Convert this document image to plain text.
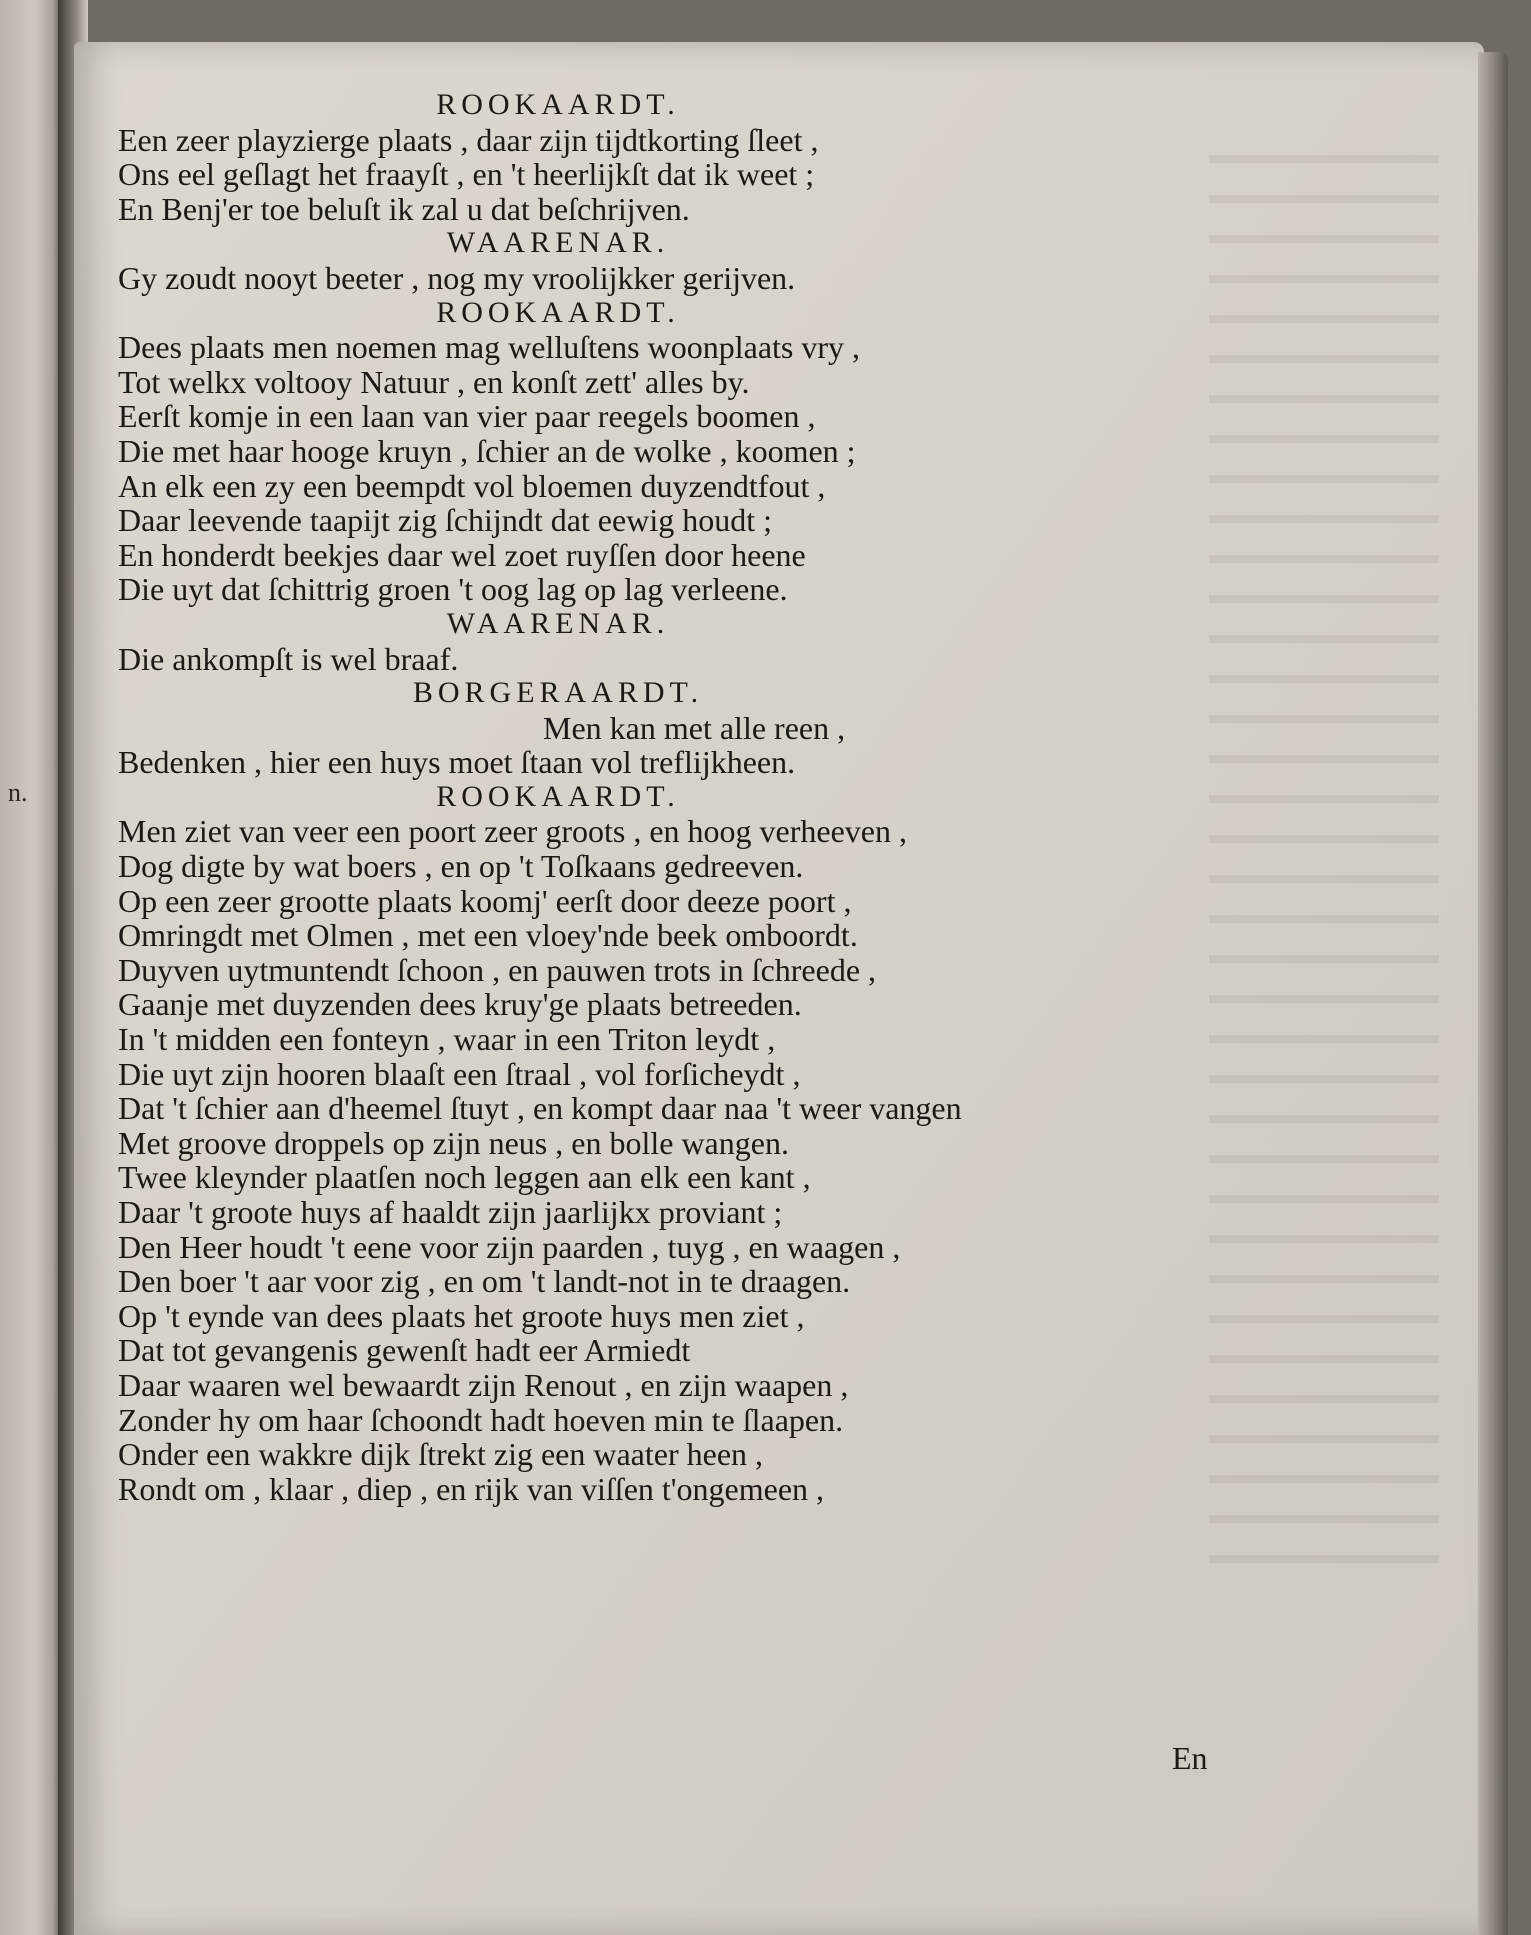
n.
ROOKAARDT.
Een zeer playzierge plaats , daar zijn tijdtkorting ſleet ,
Ons eel geſlagt het fraayſt , en 't heerlijkſt dat ik weet ;
En Benj'er toe beluſt ik zal u dat beſchrijven.
WAARENAR.
Gy zoudt nooyt beeter , nog my vroolijkker gerijven.
ROOKAARDT.
Dees plaats men noemen mag welluſtens woonplaats vry ,
Tot welkx voltooy Natuur , en konſt zett' alles by.
Eerſt komje in een laan van vier paar reegels boomen ,
Die met haar hooge kruyn , ſchier an de wolke , koomen ;
An elk een zy een beempdt vol bloemen duyzendtfout ,
Daar leevende taapijt zig ſchijndt dat eewig houdt ;
En honderdt beekjes daar wel zoet ruyſſen door heene
Die uyt dat ſchittrig groen 't oog lag op lag verleene.
WAARENAR.
Die ankompſt is wel braaf.
BORGERAARDT.
Men kan met alle reen ,
Bedenken , hier een huys moet ſtaan vol treflijkheen.
ROOKAARDT.
Men ziet van veer een poort zeer groots , en hoog verheeven ,
Dog digte by wat boers , en op 't Toſkaans gedreeven.
Op een zeer grootte plaats koomj' eerſt door deeze poort ,
Omringdt met Olmen , met een vloey'nde beek omboordt.
Duyven uytmuntendt ſchoon , en pauwen trots in ſchreede ,
Gaanje met duyzenden dees kruy'ge plaats betreeden.
In 't midden een fonteyn , waar in een Triton leydt ,
Die uyt zijn hooren blaaſt een ſtraal , vol forſicheydt ,
Dat 't ſchier aan d'heemel ſtuyt , en kompt daar naa 't weer vangen
Met groove droppels op zijn neus , en bolle wangen.
Twee kleynder plaatſen noch leggen aan elk een kant ,
Daar 't groote huys af haaldt zijn jaarlijkx proviant ;
Den Heer houdt 't eene voor zijn paarden , tuyg , en waagen ,
Den boer 't aar voor zig , en om 't landt-not in te draagen.
Op 't eynde van dees plaats het groote huys men ziet ,
Dat tot gevangenis gewenſt hadt eer Armiedt
Daar waaren wel bewaardt zijn Renout , en zijn waapen ,
Zonder hy om haar ſchoondt hadt hoeven min te ſlaapen.
Onder een wakkre dijk ſtrekt zig een waater heen ,
Rondt om , klaar , diep , en rijk van viſſen t'ongemeen ,
En
